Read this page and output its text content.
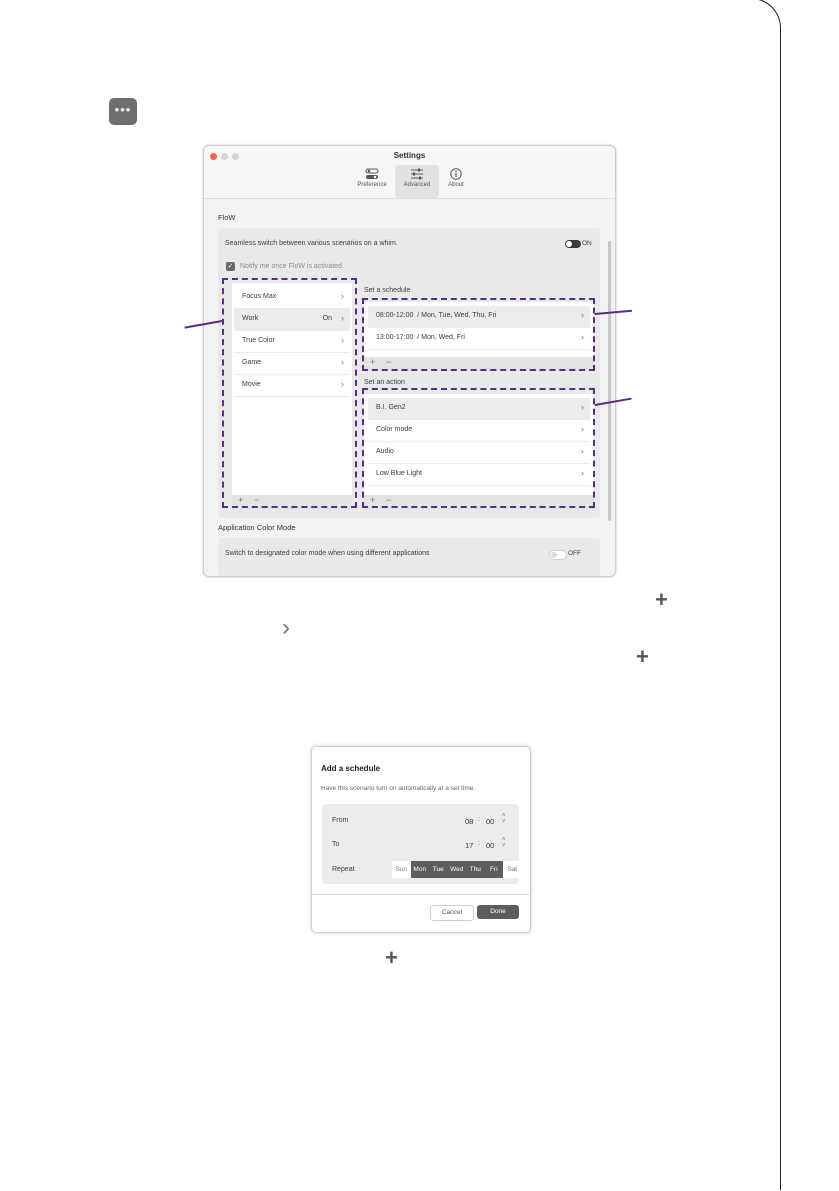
•••
Settings
Preference	Advanced	About
FloW
Seamless switch between various scenarios on a whim.	ON
✓ Notify me once FloW is activated.
Focus Max	›
Work	On ›
True Color	›
Game	›
Movie	›
+ −
Set a schedule
08:00-12:00 / Mon, Tue, Wed, Thu, Fri	›
13:00-17:00 / Mon, Wed, Fri	›
+ −
Set an action
B.I. Gen2	›
Color mode	›
Audio	›
Low Blue Light	›
+ −
Application Color Mode
Switch to designated color mode when using different applications	OFF
+
›
+
+
Add a schedule
Have this scenario turn on automatically at a set time.
From	08 : 00
˄
˅
To	17 : 00
˄
˅
Repeat	Sun Mon	Tue Wed Thu	Fri	Sat
Cancel	Done
